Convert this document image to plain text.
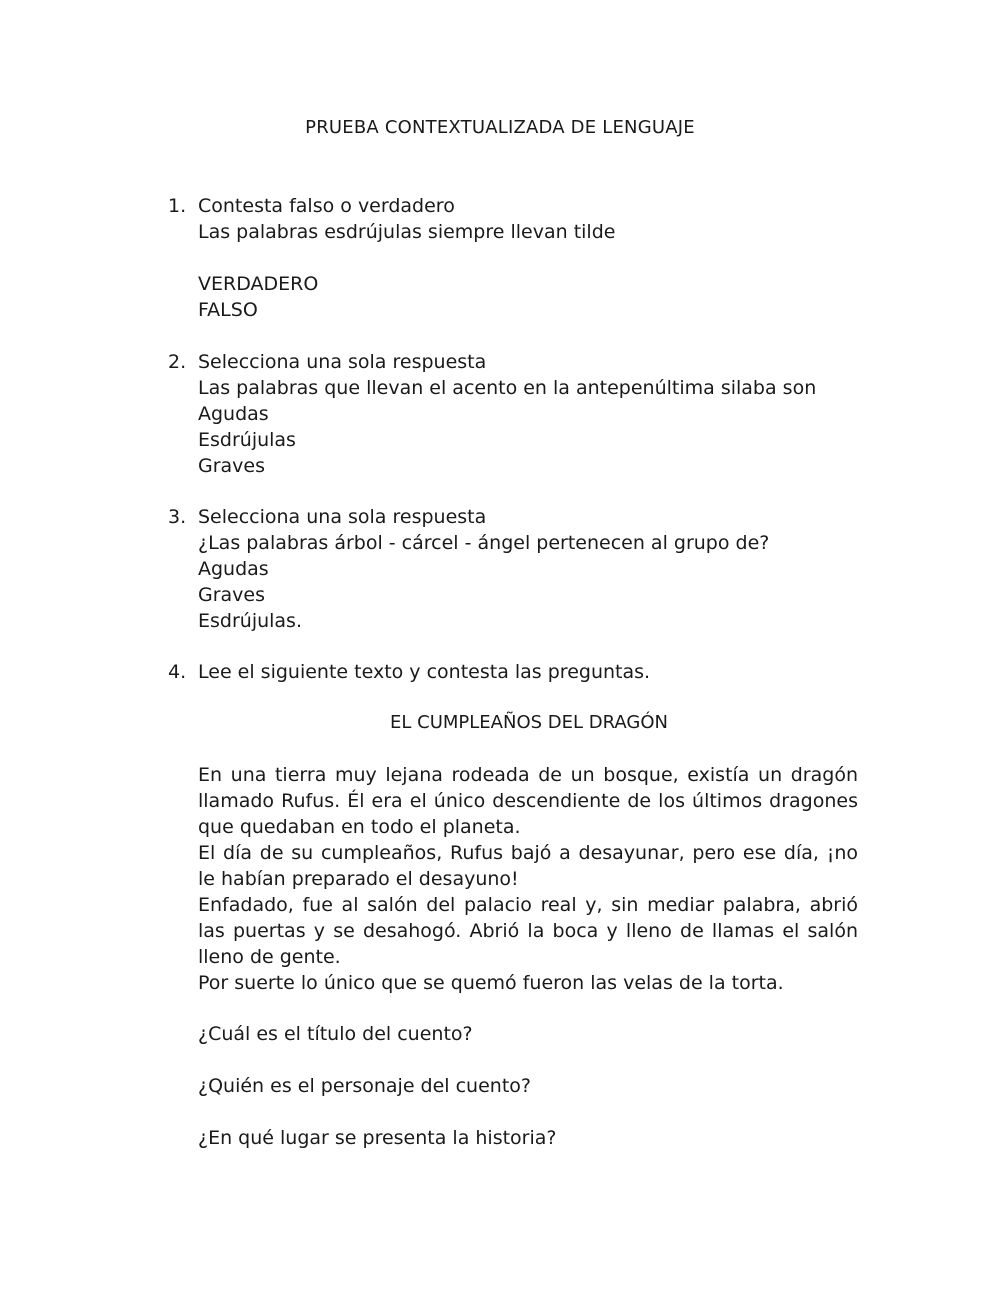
PRUEBA CONTEXTUALIZADA DE LENGUAJE
1. Contesta falso o verdadero
Las palabras esdrújulas siempre llevan tilde
VERDADERO
FALSO
2. Selecciona una sola respuesta
Las palabras que llevan el acento en la antepenúltima silaba son
Agudas
Esdrújulas
Graves
3. Selecciona una sola respuesta
¿Las palabras árbol - cárcel - ángel pertenecen al grupo de?
Agudas
Graves
Esdrújulas.
4. Lee el siguiente texto y contesta las preguntas.
EL CUMPLEAÑOS DEL DRAGÓN

En una tierra muy lejana rodeada de un bosque, existía un dragón llamado Rufus. Él era el único descendiente de los últimos dragones que quedaban en todo el planeta.

El día de su cumpleaños, Rufus bajó a desayunar, pero ese día, ¡no le habían preparado el desayuno!

Enfadado, fue al salón del palacio real y, sin mediar palabra, abrió las puertas y se desahogó. Abrió la boca y lleno de llamas el salón lleno de gente.

Por suerte lo único que se quemó fueron las velas de la torta.

¿Cuál es el título del cuento?
¿Quién es el personaje del cuento?
¿En qué lugar se presenta la historia?
